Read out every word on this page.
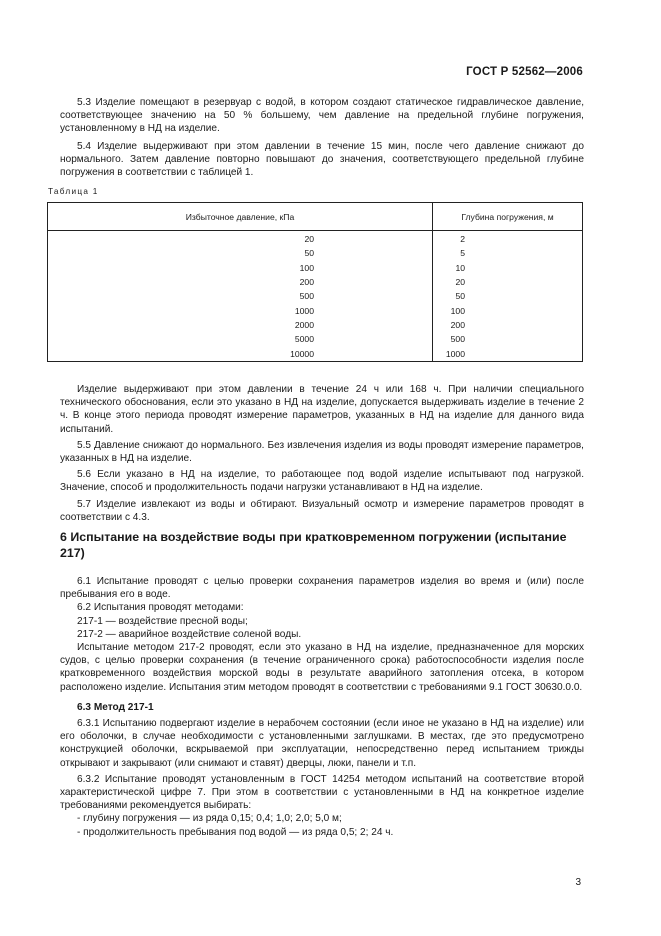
ГОСТ Р 52562—2006

5.3 Изделие помещают в резервуар с водой, в котором создают статическое гидравлическое давление, соответствующее значению на 50 % большему, чем давление на предельной глубине погружения, установленному в НД на изделие.

5.4 Изделие выдерживают при этом давлении в течение 15 мин, после чего давление снижают до нормального. Затем давление повторно повышают до значения, соответствующего предельной глубине погружения в соответствии с таблицей 1.

Таблица 1
Избыточное давление, кПа	Глубина погружения, м
20	2
50	5
100	10
200	20
500	50
1000	100
2000	200
5000	500
10000	1000

Изделие выдерживают при этом давлении в течение 24 ч или 168 ч. При наличии специального технического обоснования, если это указано в НД на изделие, допускается выдерживать изделие в течение 2 ч. В конце этого периода проводят измерение параметров, указанных в НД на изделие для данного вида испытаний.

5.5 Давление снижают до нормального. Без извлечения изделия из воды проводят измерение параметров, указанных в НД на изделие.

5.6 Если указано в НД на изделие, то работающее под водой изделие испытывают под нагрузкой. Значение, способ и продолжительность подачи нагрузки устанавливают в НД на изделие.

5.7 Изделие извлекают из воды и обтирают. Визуальный осмотр и измерение параметров проводят в соответствии с 4.3.

6 Испытание на воздействие воды при кратковременном погружении (испытание 217)

6.1 Испытание проводят с целью проверки сохранения параметров изделия во время и (или) после пребывания его в воде.

6.2 Испытания проводят методами:

217-1 — воздействие пресной воды;

217-2 — аварийное воздействие соленой воды.

Испытание методом 217-2 проводят, если это указано в НД на изделие, предназначенное для морских судов, с целью проверки сохранения (в течение ограниченного срока) работоспособности изделия после кратковременного воздействия морской воды в результате аварийного затопления отсека, в котором расположено изделие. Испытания этим методом проводят в соответствии с требованиями 9.1 ГОСТ 30630.0.0.

6.3 Метод 217-1

6.3.1 Испытанию подвергают изделие в нерабочем состоянии (если иное не указано в НД на изделие) или его оболочки, в случае необходимости с установленными заглушками. В местах, где это предусмотрено конструкцией оболочки, вскрываемой при эксплуатации, непосредственно перед испытанием трижды открывают и закрывают (или снимают и ставят) дверцы, люки, панели и т.п.

6.3.2 Испытание проводят установленным в ГОСТ 14254 методом испытаний на соответствие второй характеристической цифре 7. При этом в соответствии с установленными в НД на конкретное изделие требованиями рекомендуется выбирать:

- глубину погружения — из ряда 0,15; 0,4; 1,0; 2,0; 5,0 м;

- продолжительность пребывания под водой — из ряда 0,5; 2; 24 ч.

3
